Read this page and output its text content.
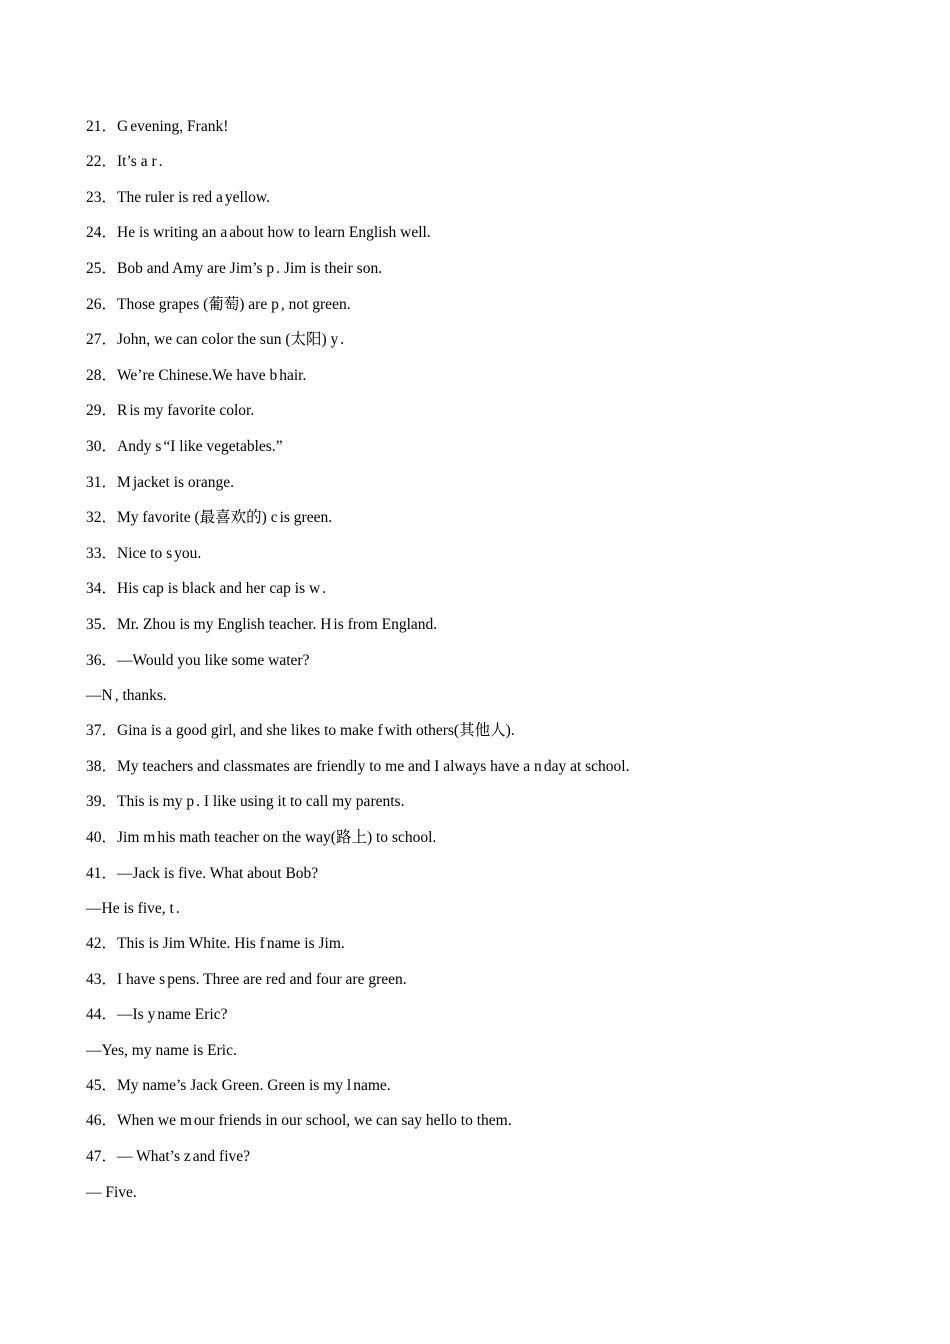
21．G evening, Frank!
22．It’s a r .
23．The ruler is red a yellow.
24．He is writing an a about how to learn English well.
25．Bob and Amy are Jim’s p . Jim is their son.
26．Those grapes (葡萄) are p , not green.
27．John, we can color the sun (太阳) y .
28．We’re Chinese.We have b hair.
29．R is my favorite color.
30．Andy s “I like vegetables.”
31．M jacket is orange.
32．My favorite (最喜欢的) c is green.
33．Nice to s you.
34．His cap is black and her cap is w .
35．Mr. Zhou is my English teacher. H is from England.
36．—Would you like some water?
—N , thanks.
37．Gina is a good girl, and she likes to make f with others(其他人).
38．My teachers and classmates are friendly to me and I always have a n day at school.
39．This is my p . I like using it to call my parents.
40．Jim m his math teacher on the way(路上) to school.
41．—Jack is five. What about Bob?
—He is five, t .
42．This is Jim White. His f name is Jim.
43．I have s pens. Three are red and four are green.
44．—Is y name Eric?
—Yes, my name is Eric.
45．My name’s Jack Green. Green is my l name.
46．When we m our friends in our school, we can say hello to them.
47．— What’s z and five?
— Five.
